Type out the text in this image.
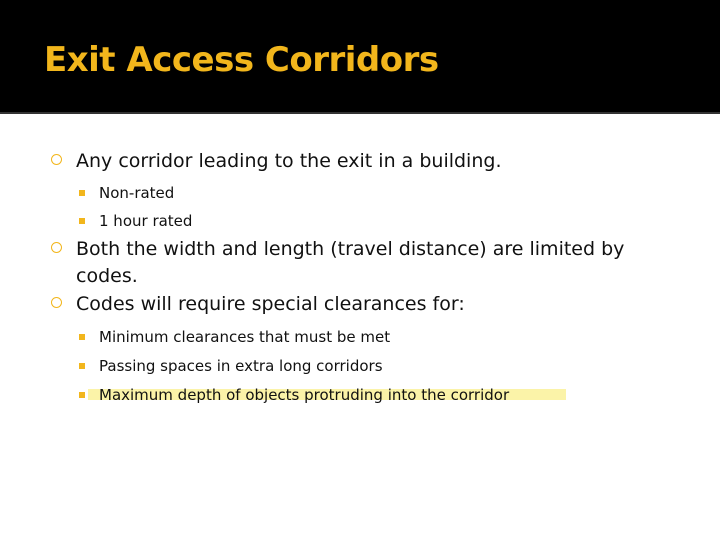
Exit Access Corridors
Any corridor leading to the exit in a building.
Non-rated
1 hour rated
Both the width and length (travel distance) are limited by
codes.
Codes will require special clearances for:
Minimum clearances that must be met
Passing spaces in extra long corridors
Maximum depth of objects protruding into the corridor
